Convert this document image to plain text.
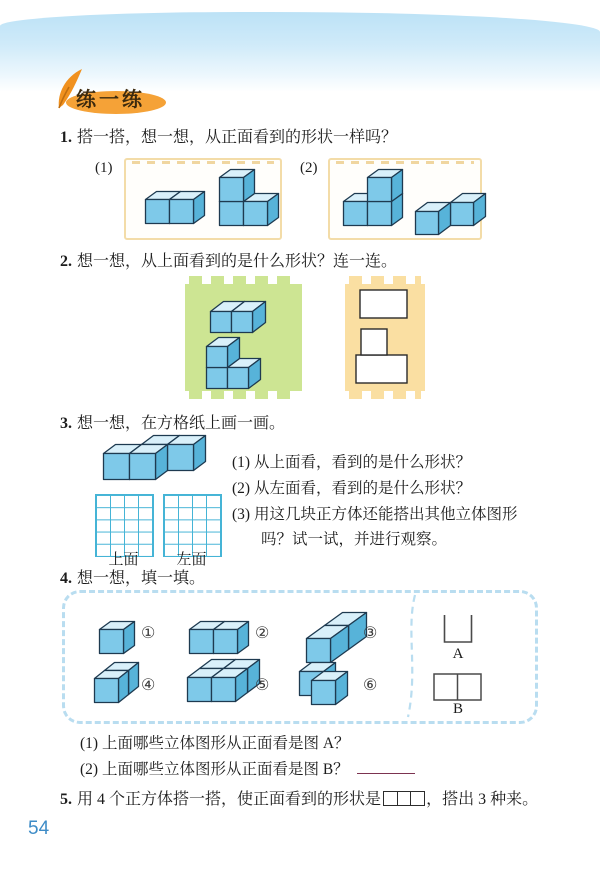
练一练
1. 搭一搭，想一想，从正面看到的形状一样吗？
(1)	(2)
2. 想一想，从上面看到的是什么形状？连一连。
3. 想一想，在方格纸上画一画。
上面	左面
(1) 从上面看，看到的是什么形状？
(2) 从左面看，看到的是什么形状？
(3) 用这几块正方体还能搭出其他立体图形
吗？试一试，并进行观察。
4. 想一想，填一填。
①	②	③
④	⑤	⑥
A
B
(1) 上面哪些立体图形从正面看是图 A？
(2) 上面哪些立体图形从正面看是图 B？
5. 用 4 个正方体搭一搭，使正面看到的形状是	，搭出 3 种来。
54
